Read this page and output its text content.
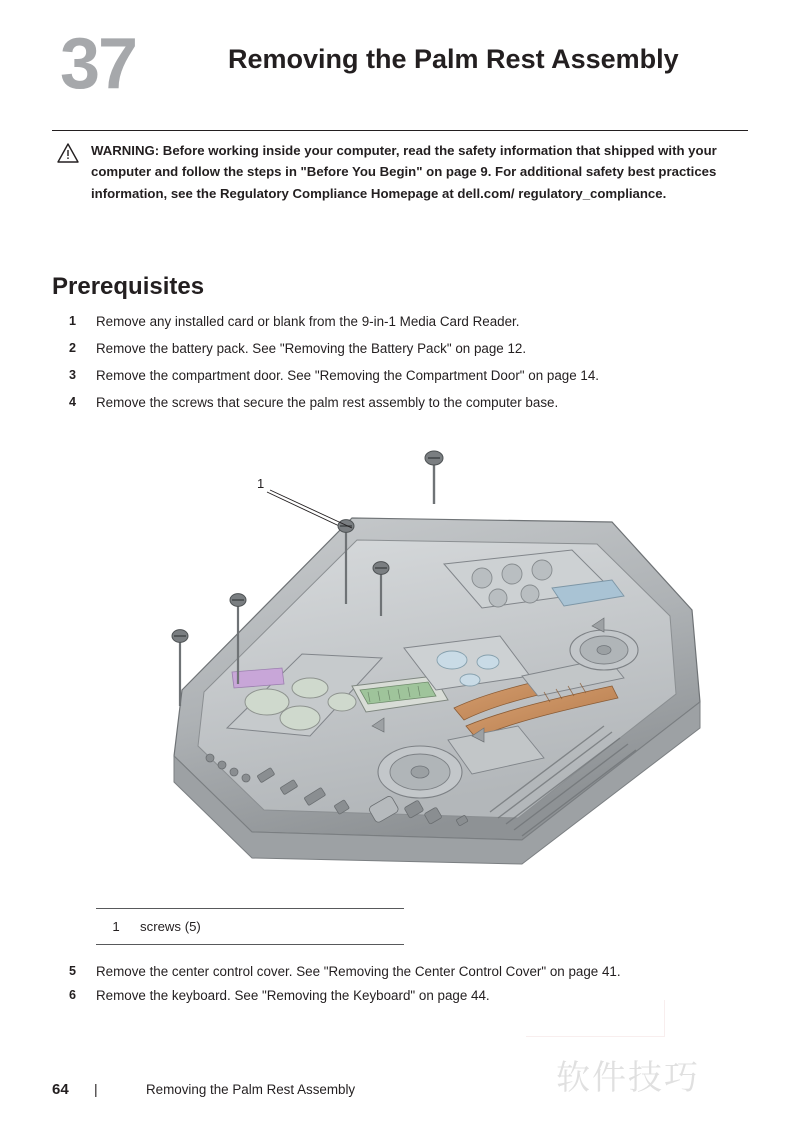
37	Removing the Palm Rest Assembly
WARNING: Before working inside your computer, read the safety information that shipped with your computer and follow the steps in "Before You Begin" on page 9. For additional safety best practices information, see the Regulatory Compliance Homepage at dell.com/ regulatory_compliance.
Prerequisites
1 Remove any installed card or blank from the 9-in-1 Media Card Reader.
2 Remove the battery pack. See "Removing the Battery Pack" on page 12.
3 Remove the compartment door. See "Removing the Compartment Door" on page 14.
4 Remove the screws that secure the palm rest assembly to the computer base.
1
1	screws (5)
5 Remove the center control cover. See "Removing the Center Control Cover" on page 41.
6 Remove the keyboard. See "Removing the Keyboard" on page 44.
软件技巧
64	|	Removing the Palm Rest Assembly
